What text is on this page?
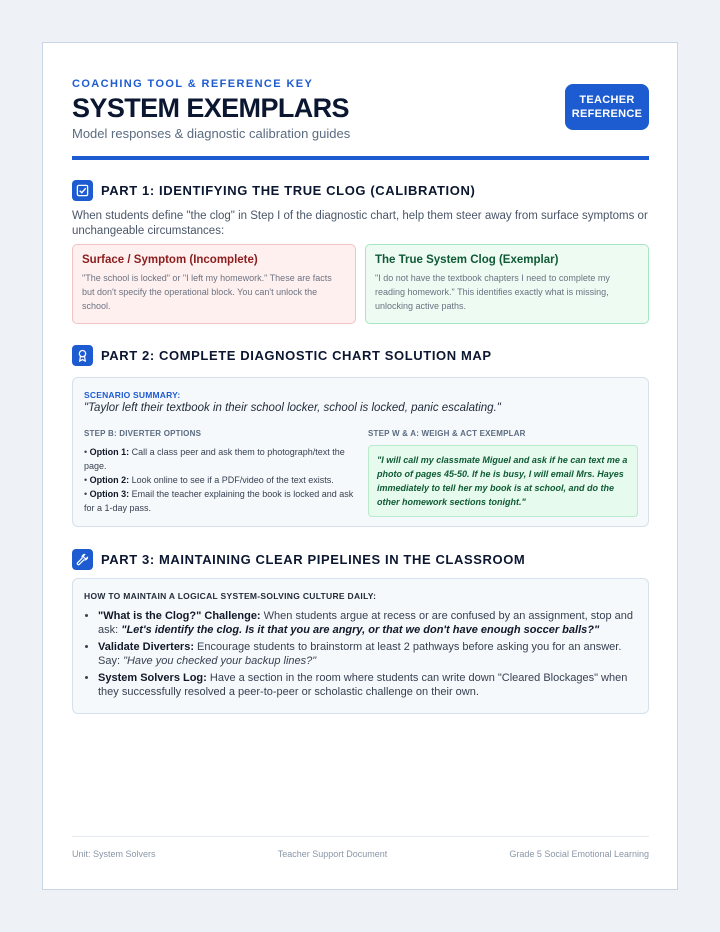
COACHING TOOL & REFERENCE KEY
SYSTEM EXEMPLARS
Model responses & diagnostic calibration guides
TEACHER
REFERENCE
PART 1: IDENTIFYING THE TRUE CLOG (CALIBRATION)
When students define "the clog" in Step I of the diagnostic chart, help them steer away from surface symptoms or unchangeable circumstances:
Surface / Symptom (Incomplete)
"The school is locked" or "I left my homework." These are facts but don't specify the operational block. You can't unlock the school.
The True System Clog (Exemplar)
"I do not have the textbook chapters I need to complete my reading homework." This identifies exactly what is missing, unlocking active paths.
PART 2: COMPLETE DIAGNOSTIC CHART SOLUTION MAP
SCENARIO SUMMARY:
"Taylor left their textbook in their school locker, school is locked, panic escalating."
STEP B: DIVERTER OPTIONS	STEP W & A: WEIGH & ACT EXEMPLAR
• Option 1: Call a class peer and ask them to photograph/text the page.
• Option 2: Look online to see if a PDF/video of the text exists.
• Option 3: Email the teacher explaining the book is locked and ask for a 1-day pass.
"I will call my classmate Miguel and ask if he can text me a photo of pages 45-50. If he is busy, I will email Mrs. Hayes immediately to tell her my book is at school, and do the other homework sections tonight."
PART 3: MAINTAINING CLEAR PIPELINES IN THE CLASSROOM
HOW TO MAINTAIN A LOGICAL SYSTEM-SOLVING CULTURE DAILY:
• "What is the Clog?" Challenge: When students argue at recess or are confused by an assignment, stop and ask: "Let's identify the clog. Is it that you are angry, or that we don't have enough soccer balls?"
• Validate Diverters: Encourage students to brainstorm at least 2 pathways before asking you for an answer. Say: "Have you checked your backup lines?"
• System Solvers Log: Have a section in the room where students can write down "Cleared Blockages" when they successfully resolved a peer-to-peer or scholastic challenge on their own.
Unit: System Solvers	Teacher Support Document	Grade 5 Social Emotional Learning
